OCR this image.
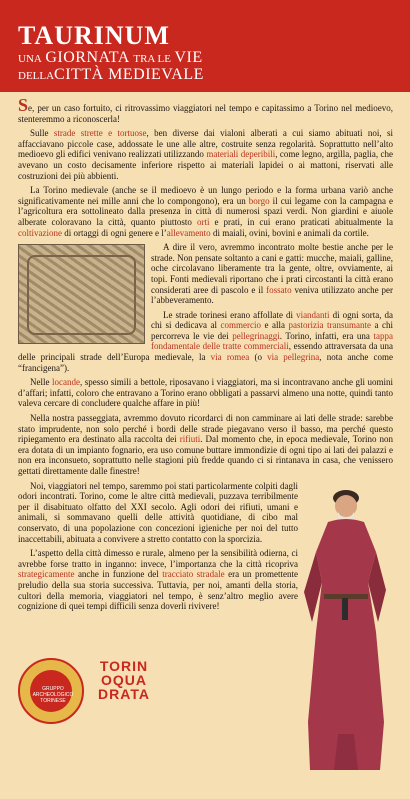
TAURINUM
UNA GIORNATA TRA LE VIE
DELLACITTÀ MEDIEVALE

Se, per un caso fortuito, ci ritrovassimo viaggiatori nel tempo e capitassimo a Torino nel medioevo, stenteremmo a riconoscerla!

Sulle strade strette e tortuose, ben diverse dai vialoni alberati a cui siamo abituati noi, si affacciavano piccole case, addossate le une alle altre, costruite senza regolarità. Soprattutto nell’alto medioevo gli edifici venivano realizzati utilizzando materiali deperibili, come legno, argilla, paglia, che avevano un costo decisamente inferiore rispetto ai materiali lapidei o ai mattoni, riservati alle costruzioni dei più abbienti.

La Torino medievale (anche se il medioevo è un lungo periodo e la forma urbana variò anche significativamente nei mille anni che lo compongono), era un borgo il cui legame con la campagna e l’agricoltura era sottolineato dalla presenza in città di numerosi spazi verdi. Non giardini e aiuole alberate coloravano la città, quanto piuttosto orti e prati, in cui erano praticati abitualmente la coltivazione di ortaggi di ogni genere e l’allevamento di maiali, ovini, bovini e animali da cortile.

A dire il vero, avremmo incontrato molte bestie anche per le strade. Non pensate soltanto a cani e gatti: mucche, maiali, galline, oche circolavano liberamente tra la gente, oltre, ovviamente, ai topi. Fonti medievali riportano che i prati circostanti la città erano considerati aree di pascolo e il fossato veniva utilizzato anche per l’abbeveramento.

Le strade torinesi erano affollate di viandanti di ogni sorta, da chi si dedicava al commercio e alla pastorizia transumante a chi percorreva le vie dei pellegrinaggi. Torino, infatti, era una tappa fondamentale delle tratte commerciali, essendo attraversata da una delle principali strade dell’Europa medievale, la via romea (o via pellegrina, nota anche come “francigena”).

Nelle locande, spesso simili a bettole, riposavano i viaggiatori, ma si incontravano anche gli uomini d’affari; infatti, coloro che entravano a Torino erano obbligati a passarvi almeno una notte, quindi tanto valeva cercare di concludere qualche affare in più!

Nella nostra passeggiata, avremmo dovuto ricordarci di non camminare ai lati delle strade: sarebbe stato imprudente, non solo perché i bordi delle strade piegavano verso il basso, ma perché questo ripiegamento era destinato alla raccolta dei rifiuti. Dal momento che, in epoca medievale, Torino non era dotata di un impianto fognario, era uso comune buttare immondizie di ogni tipo ai lati dei palazzi e non era inconsueto, soprattutto nelle stagioni più fredde quando ci si rintanava in casa, che venissero gettati direttamente dalle finestre!

Noi, viaggiatori nel tempo, saremmo poi stati particolarmente colpiti dagli odori incontrati. Torino, come le altre città medievali, puzzava terribilmente per il disabituato olfatto del XXI secolo. Agli odori dei rifiuti, umani e animali, si sommavano quelli delle attività quotidiane, di cibo mal conservato, di una popolazione con concezioni igieniche per noi del tutto inaccettabili, abituata a convivere a stretto contatto con la sporcizia.

L’aspetto della città dimesso e rurale, almeno per la sensibilità odierna, ci avrebbe forse tratto in inganno: invece, l’importanza che la città ricopriva strategicamente anche in funzione del tracciato stradale era un promettente preludio della sua storia successiva. Tuttavia, per noi, amanti della storia, cultori della memoria, viaggiatori nel tempo, è senz’altro meglio avere cognizione di quei tempi difficili senza doverli rivivere!

GRUPPO ARCHEOLOGICO TORINESE
TORIN
OQUA
DRATA
